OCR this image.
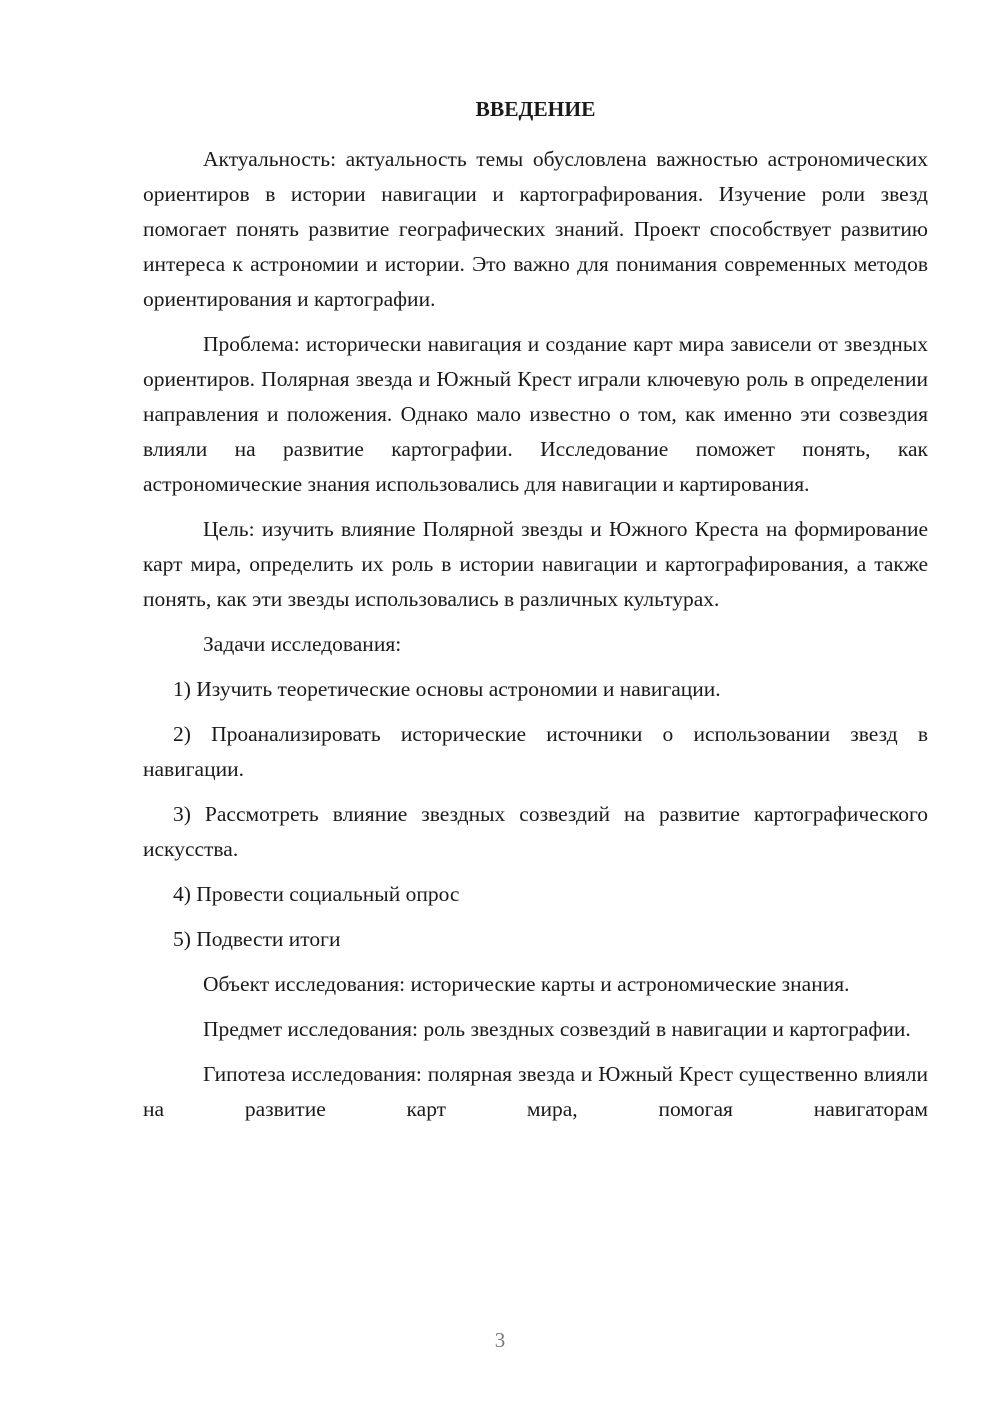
ВВЕДЕНИЕ
Актуальность: актуальность темы обусловлена важностью астрономических ориентиров в истории навигации и картографирования. Изучение роли звезд помогает понять развитие географических знаний. Проект способствует развитию интереса к астрономии и истории. Это важно для понимания современных методов ориентирования и картографии.
Проблема: исторически навигация и создание карт мира зависели от звездных ориентиров. Полярная звезда и Южный Крест играли ключевую роль в определении направления и положения. Однако мало известно о том, как именно эти созвездия влияли на развитие картографии. Исследование поможет понять, как астрономические знания использовались для навигации и картирования.
Цель: изучить влияние Полярной звезды и Южного Креста на формирование карт мира, определить их роль в истории навигации и картографирования, а также понять, как эти звезды использовались в различных культурах.
Задачи исследования:
1) Изучить теоретические основы астрономии и навигации.
2) Проанализировать исторические источники о использовании звезд в навигации.
3) Рассмотреть влияние звездных созвездий на развитие картографического искусства.
4) Провести социальный опрос
5) Подвести итоги
Объект исследования: исторические карты и астрономические знания.
Предмет исследования: роль звездных созвездий в навигации и картографии.
Гипотеза исследования: полярная звезда и Южный Крест существенно влияли на развитие карт мира, помогая навигаторам
3
